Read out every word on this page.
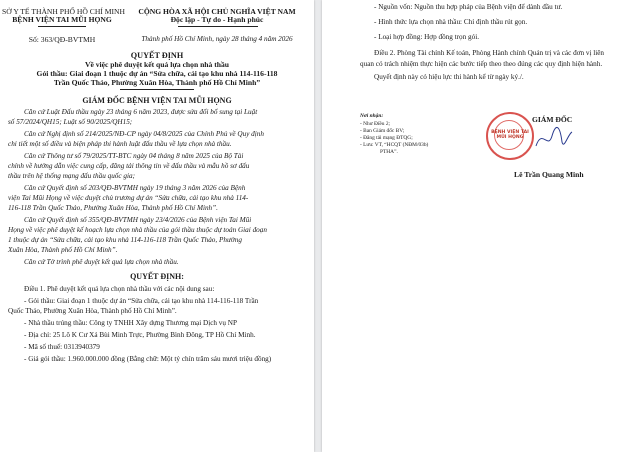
SỞ Y TẾ THÀNH PHỐ HỒ CHÍ MINH
BỆNH VIỆN TAI MŨI HỌNG
Số: 363/QĐ-BVTMH
CỘNG HÒA XÃ HỘI CHỦ NGHĨA VIỆT NAM
Độc lập - Tự do - Hạnh phúc
Thành phố Hồ Chí Minh, ngày 28 tháng 4 năm 2026
QUYẾT ĐỊNH
Về việc phê duyệt kết quả lựa chọn nhà thầu
Gói thầu: Giai đoạn 1 thuộc dự án “Sửa chữa, cải tạo khu nhà 114-116-118
Trần Quốc Thảo, Phường Xuân Hòa, Thành phố Hồ Chí Minh”
GIÁM ĐỐC BỆNH VIỆN TAI MŨI HỌNG
Căn cứ Luật Đấu thầu ngày 23 tháng 6 năm 2023, được sửa đổi bổ sung tại Luật
số 57/2024/QH15; Luật số 90/2025/QH15;
Căn cứ Nghị định số 214/2025/NĐ-CP ngày 04/8/2025 của Chính Phủ về Quy định
chi tiết một số điều và biện pháp thi hành luật đấu thầu về lựa chọn nhà thầu.
Căn cứ Thông tư số 79/2025/TT-BTC ngày 04 tháng 8 năm 2025 của Bộ Tài
chính về hướng dẫn việc cung cấp, đăng tải thông tin về đấu thầu và mẫu hồ sơ đấu
thầu trên hệ thống mạng đấu thầu quốc gia;
Căn cứ Quyết định số 203/QĐ-BVTMH ngày 19 tháng 3 năm 2026 của Bệnh
viện Tai Mũi Họng về việc duyệt chủ trương dự án “Sửa chữa, cải tạo khu nhà 114-
116-118 Trần Quốc Thảo, Phường Xuân Hòa, Thành phố Hồ Chí Minh”.
Căn cứ Quyết định số 355/QĐ-BVTMH ngày 23/4/2026 của Bệnh viện Tai Mũi
Họng về việc phê duyệt kế hoạch lựa chọn nhà thầu của gói thầu thuộc dự toán Giai đoạn
1 thuộc dự án “Sửa chữa, cải tạo khu nhà 114-116-118 Trần Quốc Thảo, Phường
Xuân Hòa, Thành phố Hồ Chí Minh”.
Căn cứ Tờ trình phê duyệt kết quả lựa chọn nhà thầu.
QUYẾT ĐỊNH:
Điều 1. Phê duyệt kết quả lựa chọn nhà thầu với các nội dung sau:
- Gói thầu: Giai đoạn 1 thuộc dự án “Sửa chữa, cải tạo khu nhà 114-116-118 Trần
Quốc Thảo, Phường Xuân Hòa, Thành phố Hồ Chí Minh”.
- Nhà thầu trúng thầu: Công ty TNHH Xây dựng Thương mại Dịch vụ NP
- Địa chỉ: 25 Lô K Cư Xá Bùi Minh Trực, Phường Bình Đông, TP Hồ Chí Minh.
- Mã số thuế: 0313940379
- Giá gói thầu: 1.960.000.000 đồng (Bằng chữ: Một tỷ chín trăm sáu mươi triệu đồng)
- Nguồn vốn: Nguồn thu hợp pháp của Bệnh viện để dành đầu tư.
- Hình thức lựa chọn nhà thầu: Chỉ định thầu rút gọn.
- Loại hợp đồng: Hợp đồng trọn gói.
Điều 2. Phòng Tài chính Kế toán, Phòng Hành chính Quản trị và các đơn vị liên
quan có trách nhiệm thực hiện các bước tiếp theo theo đúng các quy định hiện hành.
Quyết định này có hiệu lực thi hành kể từ ngày ký./.
Nơi nhận:
- Như Điều 2;
- Ban Giám đốc BV;
- Đăng tải mạng ĐTQG;
- Lưu: VT, “HCQT (NĐM/03b)
PTHA”.
GIÁM ĐỐC
BỆNH VIỆN TAI MŨI HỌNG
Lê Trần Quang Minh
